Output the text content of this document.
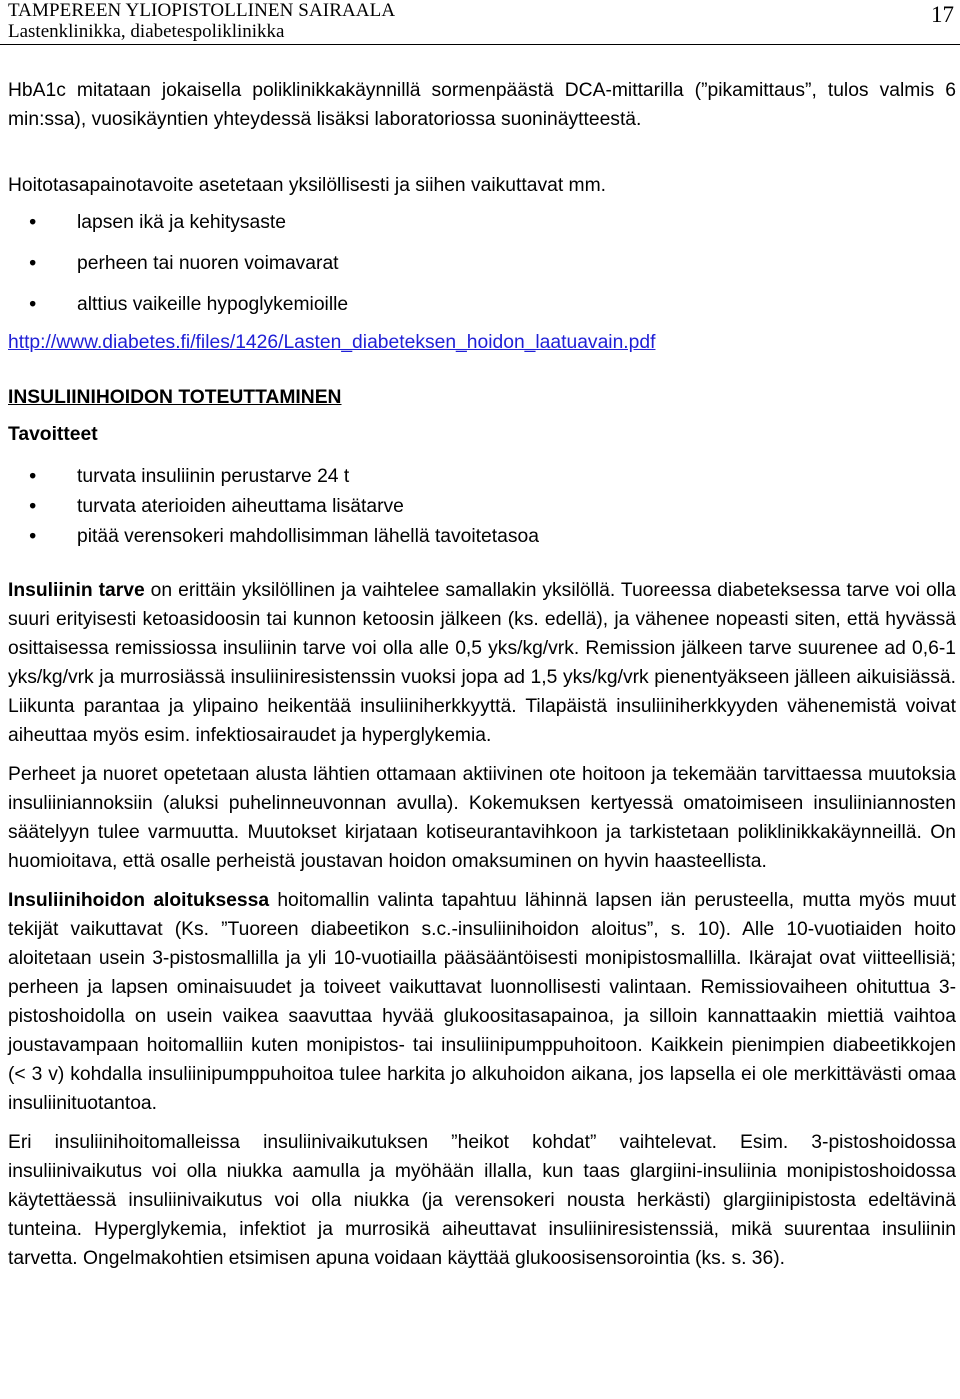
TAMPEREEN YLIOPISTOLLINEN SAIRAALA
Lastenklinikka, diabetespoliklinikka
17

HbA1c mitataan jokaisella poliklinikkakäynnillä sormenpäästä DCA-mittarilla (”pikamittaus”, tulos valmis 6 min:ssa), vuosikäyntien yhteydessä lisäksi laboratoriossa suoninäytteestä.

Hoitotasapainotavoite asetetaan yksilöllisesti ja siihen vaikuttavat mm.

• lapsen ikä ja kehitysaste
• perheen tai nuoren voimavarat
• alttius vaikeille hypoglykemioille
http://www.diabetes.fi/files/1426/Lasten_diabeteksen_hoidon_laatuavain.pdf
INSULIINIHOIDON TOTEUTTAMINEN
Tavoitteet
• turvata insuliinin perustarve 24 t
• turvata aterioiden aiheuttama lisätarve
• pitää verensokeri mahdollisimman lähellä tavoitetasoa

Insuliinin tarve on erittäin yksilöllinen ja vaihtelee samallakin yksilöllä. Tuoreessa diabeteksessa tarve voi olla suuri erityisesti ketoasidoosin tai kunnon ketoosin jälkeen (ks. edellä), ja vähenee nopeasti siten, että hyvässä osittaisessa remissiossa insuliinin tarve voi olla alle 0,5 yks/kg/vrk. Remission jälkeen tarve suurenee ad 0,6-1 yks/kg/vrk ja murrosiässä insuliiniresistenssin vuoksi jopa ad 1,5 yks/kg/vrk pienentyäkseen jälleen aikuisiässä. Liikunta parantaa ja ylipaino heikentää insuliiniherkkyyttä. Tilapäistä insuliiniherkkyyden vähenemistä voivat aiheuttaa myös esim. infektiosairaudet ja hyperglykemia.

Perheet ja nuoret opetetaan alusta lähtien ottamaan aktiivinen ote hoitoon ja tekemään tarvittaessa muutoksia insuliiniannoksiin (aluksi puhelinneuvonnan avulla). Kokemuksen kertyessä omatoimiseen insuliiniannosten säätelyyn tulee varmuutta. Muutokset kirjataan kotiseurantavihkoon ja tarkistetaan poliklinikkakäynneillä. On huomioitava, että osalle perheistä joustavan hoidon omaksuminen on hyvin haasteellista.

Insuliinihoidon aloituksessa hoitomallin valinta tapahtuu lähinnä lapsen iän perusteella, mutta myös muut tekijät vaikuttavat (Ks. ”Tuoreen diabeetikon s.c.-insuliinihoidon aloitus”, s. 10). Alle 10-vuotiaiden hoito aloitetaan usein 3-pistosmallilla ja yli 10-vuotiailla pääsääntöisesti monipistosmallilla. Ikärajat ovat viitteellisiä; perheen ja lapsen ominaisuudet ja toiveet vaikuttavat luonnollisesti valintaan. Remissiovaiheen ohituttua 3-pistoshoidolla on usein vaikea saavuttaa hyvää glukoositasapainoa, ja silloin kannattaakin miettiä vaihtoa joustavampaan hoitomalliin kuten monipistos- tai insuliinipumppuhoitoon. Kaikkein pienimpien diabeetikkojen (< 3 v) kohdalla insuliinipumppuhoitoa tulee harkita jo alkuhoidon aikana, jos lapsella ei ole merkittävästi omaa insuliinituotantoa.

Eri insuliinihoitomalleissa insuliinivaikutuksen ”heikot kohdat” vaihtelevat. Esim. 3-pistoshoidossa insuliinivaikutus voi olla niukka aamulla ja myöhään illalla, kun taas glargiini-insuliinia monipistoshoidossa käytettäessä insuliinivaikutus voi olla niukka (ja verensokeri nousta herkästi) glargiinipistosta edeltävinä tunteina. Hyperglykemia, infektiot ja murrosikä aiheuttavat insuliiniresistenssiä, mikä suurentaa insuliinin tarvetta. Ongelmakohtien etsimisen apuna voidaan käyttää glukoosisensorointia (ks. s. 36).
